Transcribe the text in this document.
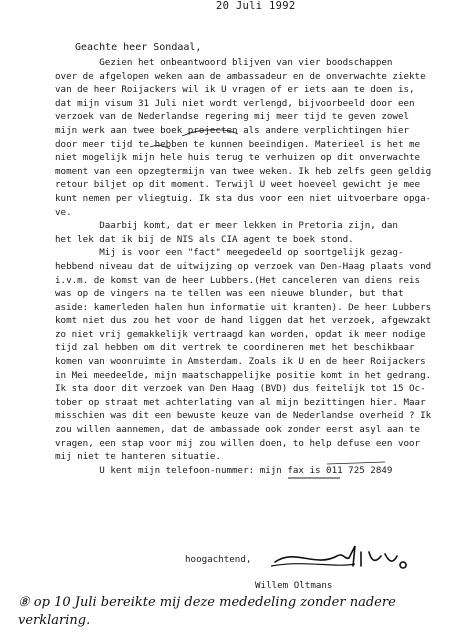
20 Juli 1992
Geachte heer Sondaal,
Gezien het onbeantwoord blijven van vier boodschappen
over de afgelopen weken aan de ambassadeur en de onverwachte ziekte
van de heer Roijackers wil ik U vragen of er iets aan te doen is,
dat mijn visum 31 Juli niet wordt verlengd, bijvoorbeeld door een
verzoek van de Nederlandse regering mij meer tijd te geven zowel
mijn werk aan twee boek projecten als andere verplichtingen hier
door meer tijd te hebben te kunnen beeindigen. Materieel is het me
niet mogelijk mijn hele huis terug te verhuizen op dit onverwachte
moment van een opzegtermijn van twee weken. Ik heb zelfs geen geldig
retour biljet op dit moment. Terwijl U weet hoeveel gewicht je mee
kunt nemen per vliegtuig. Ik sta dus voor een niet uitvoerbare opga-
ve.
Daarbij komt, dat er meer lekken in Pretoria zijn, dan
het lek dat ik bij de NIS als CIA agent te boek stond.
Mij is voor een "fact" meegedeeld op soortgelijk gezag-
hebbend niveau dat de uitwijzing op verzoek van Den-Haag plaats vond
i.v.m. de komst van de heer Lubbers.(Het canceleren van diens reis
was op de vingers na te tellen was een nieuwe blunder, but that
aside: kamerleden halen hun informatie uit kranten). De heer Lubbers
komt niet dus zou het voor de hand liggen dat het verzoek, afgewzakt
zo niet vrij gemakkelijk vertraagd kan worden, opdat ik meer nodige
tijd zal hebben om dit vertrek te coordineren met het beschikbaar
komen van woonruimte in Amsterdam. Zoals ik U en de heer Roijackers
in Mei meedeelde, mijn maatschappelijke positie komt in het gedrang.
Ik sta door dit verzoek van Den Haag (BVD) dus feitelijk tot 15 Oc-
tober op straat met achterlating van al mijn bezittingen hier. Maar
misschien was dit een bewuste keuze van de Nederlandse overheid ? Ik
zou willen aannemen, dat de ambassade ook zonder eerst asyl aan te
vragen, een stap voor mij zou willen doen, to help defuse een voor
mij niet te hanteren situatie.
U kent mijn telefoon-nummer: mijn fax is 011 725 2849
hoogachtend,
Willem Oltmans
⑧ op 10 Juli bereikte mij deze mededeling zonder nadere verklaring.
